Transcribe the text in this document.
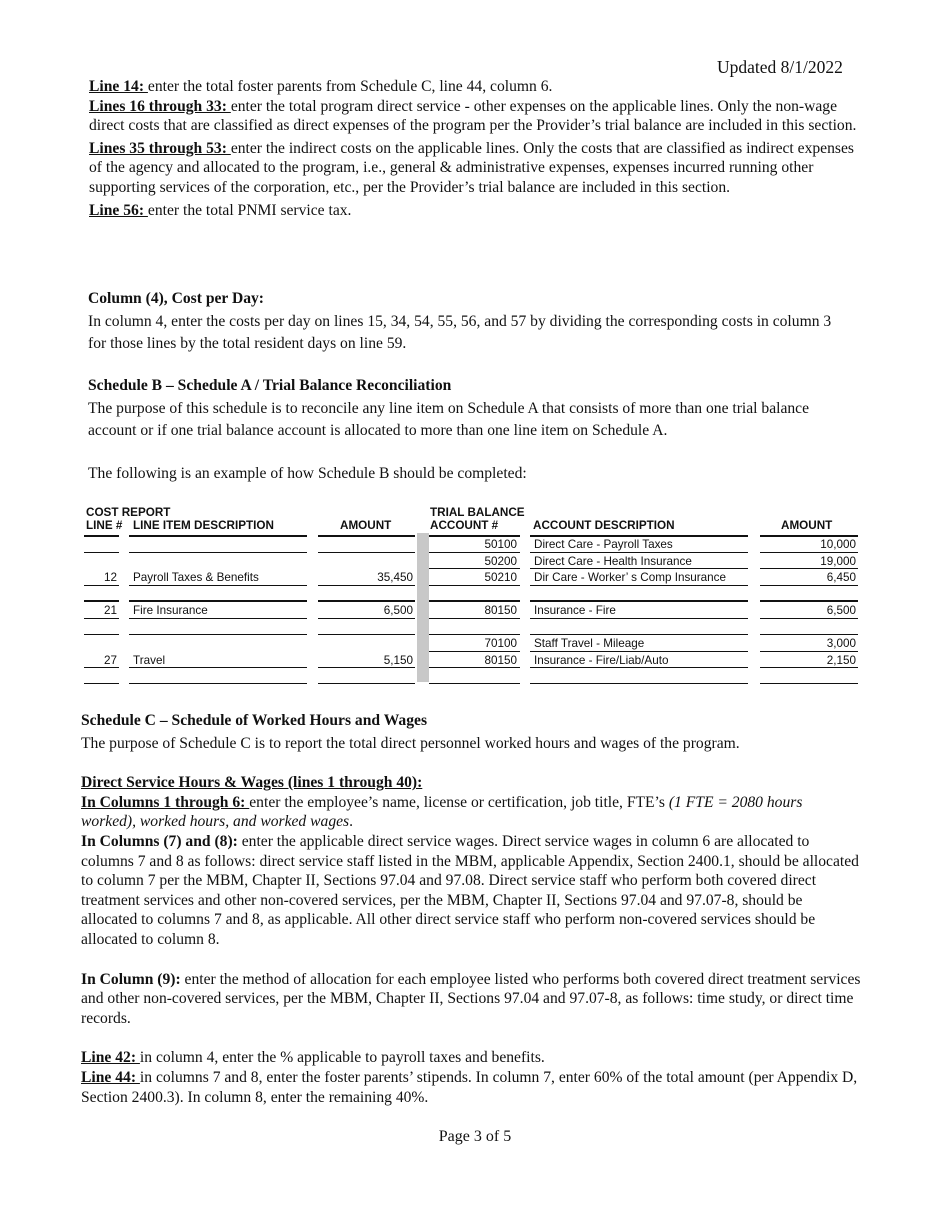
Updated 8/1/2022

Line 14: enter the total foster parents from Schedule C, line 44, column 6.

Lines 16 through 33: enter the total program direct service - other expenses on the applicable lines. Only the non-wage direct costs that are classified as direct expenses of the program per the Provider’s trial balance are included in this section.

Lines 35 through 53: enter the indirect costs on the applicable lines. Only the costs that are classified as indirect expenses of the agency and allocated to the program, i.e., general & administrative expenses, expenses incurred running other supporting services of the corporation, etc., per the Provider’s trial balance are included in this section.

Line 56: enter the total PNMI service tax.

Column (4), Cost per Day:

In column 4, enter the costs per day on lines 15, 34, 54, 55, 56, and 57 by dividing the corresponding costs in column 3 for those lines by the total resident days on line 59.

Schedule B – Schedule A / Trial Balance Reconciliation

The purpose of this schedule is to reconcile any line item on Schedule A that consists of more than one trial balance account or if one trial balance account is allocated to more than one line item on Schedule A.

The following is an example of how Schedule B should be completed:

COST REPORT
LINE # LINE ITEM DESCRIPTION	AMOUNT
TRIAL BALANCE
ACCOUNT #	ACCOUNT DESCRIPTION	AMOUNT
50100 Direct Care - Payroll Taxes	10,000
50200 Direct Care - Health Insurance	19,000
12 Payroll Taxes & Benefits	35,450	50210 Dir Care - Worker’ s Comp Insurance	6,450
21 Fire Insurance	6,500	80150 Insurance - Fire	6,500
70100 Staff Travel - Mileage	3,000
27 Travel	5,150	80150 Insurance - Fire/Liab/Auto	2,150

Schedule C – Schedule of Worked Hours and Wages

The purpose of Schedule C is to report the total direct personnel worked hours and wages of the program.

Direct Service Hours & Wages (lines 1 through 40):

In Columns 1 through 6: enter the employee’s name, license or certification, job title, FTE’s (1 FTE = 2080 hours worked), worked hours, and worked wages.

In Columns (7) and (8): enter the applicable direct service wages. Direct service wages in column 6 are allocated to columns 7 and 8 as follows: direct service staff listed in the MBM, applicable Appendix, Section 2400.1, should be allocated to column 7 per the MBM, Chapter II, Sections 97.04 and 97.08. Direct service staff who perform both covered direct treatment services and other non-covered services, per the MBM, Chapter II, Sections 97.04 and 97.07-8, should be allocated to columns 7 and 8, as applicable. All other direct service staff who perform non-covered services should be allocated to column 8.

In Column (9): enter the method of allocation for each employee listed who performs both covered direct treatment services and other non-covered services, per the MBM, Chapter II, Sections 97.04 and 97.07-8, as follows: time study, or direct time records.

Line 42: in column 4, enter the % applicable to payroll taxes and benefits.

Line 44: in columns 7 and 8, enter the foster parents’ stipends. In column 7, enter 60% of the total amount (per Appendix D, Section 2400.3). In column 8, enter the remaining 40%.

Page 3 of 5
